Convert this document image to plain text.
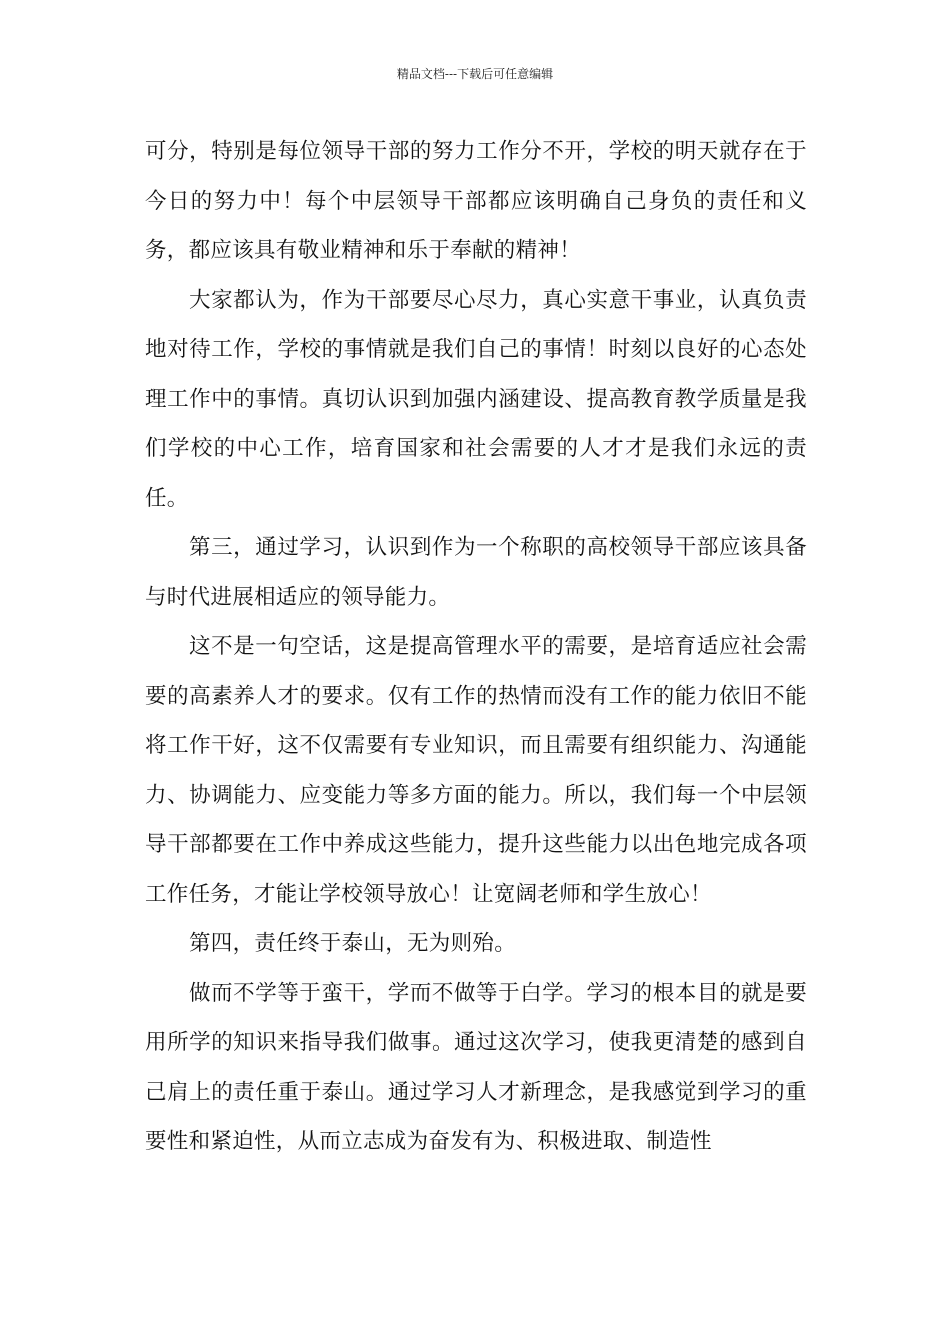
精品文档---下载后可任意编辑

可分，特别是每位领导干部的努力工作分不开，学校的明天就存在于今日的努力中！每个中层领导干部都应该明确自己身负的责任和义务，都应该具有敬业精神和乐于奉献的精神！

大家都认为，作为干部要尽心尽力，真心实意干事业，认真负责地对待工作，学校的事情就是我们自己的事情！时刻以良好的心态处理工作中的事情。真切认识到加强内涵建设、提高教育教学质量是我们学校的中心工作，培育国家和社会需要的人才才是我们永远的责任。

第三，通过学习，认识到作为一个称职的高校领导干部应该具备与时代进展相适应的领导能力。

这不是一句空话，这是提高管理水平的需要，是培育适应社会需要的高素养人才的要求。仅有工作的热情而没有工作的能力依旧不能将工作干好，这不仅需要有专业知识，而且需要有组织能力、沟通能力、协调能力、应变能力等多方面的能力。所以，我们每一个中层领导干部都要在工作中养成这些能力，提升这些能力以出色地完成各项工作任务，才能让学校领导放心！让宽阔老师和学生放心！

第四，责任终于泰山，无为则殆。

做而不学等于蛮干，学而不做等于白学。学习的根本目的就是要用所学的知识来指导我们做事。通过这次学习，使我更清楚的感到自己肩上的责任重于泰山。通过学习人才新理念，是我感觉到学习的重要性和紧迫性，从而立志成为奋发有为、积极进取、制造性
